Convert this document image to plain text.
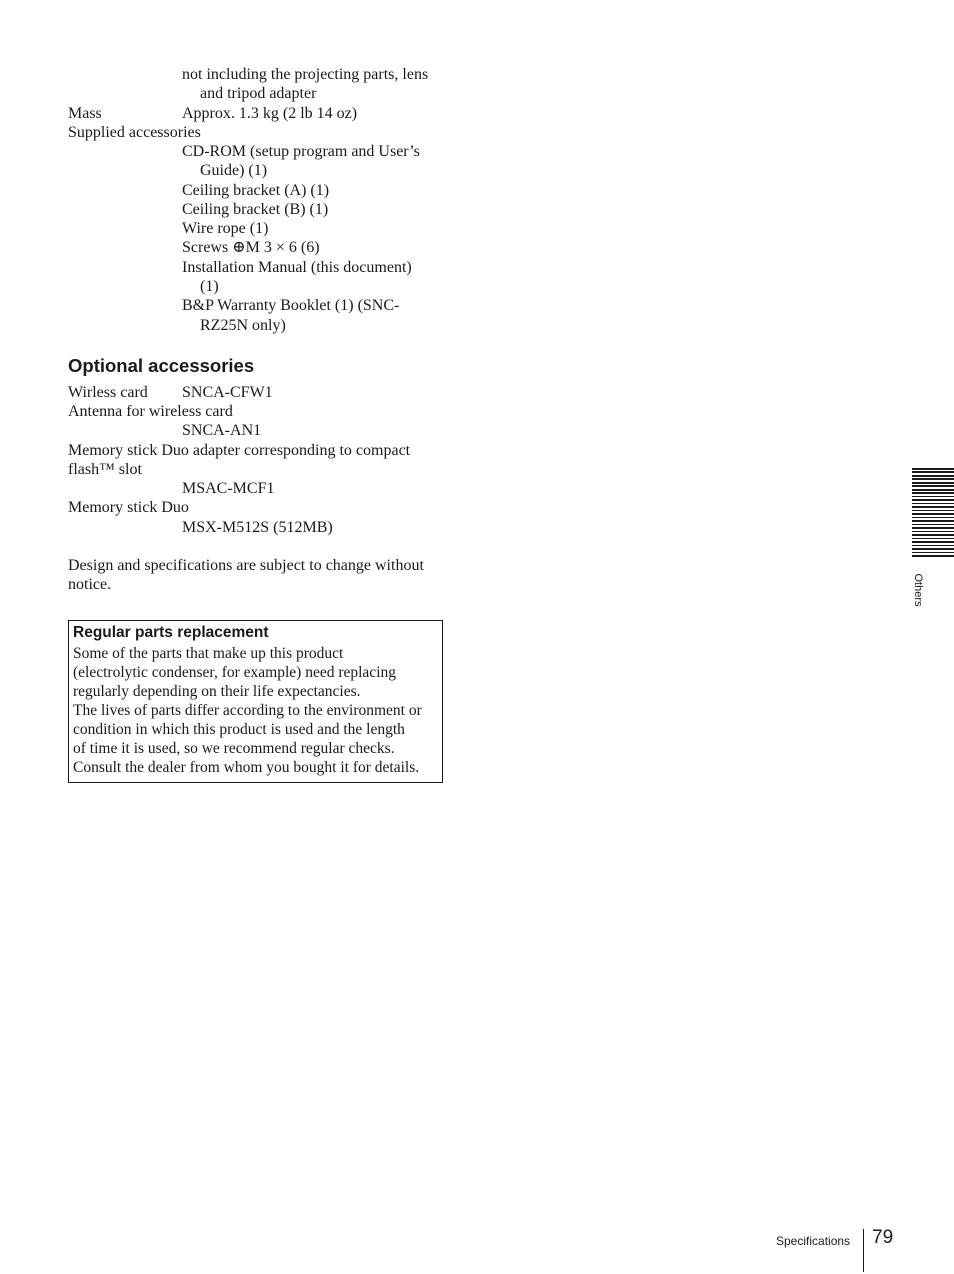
not including the projecting parts, lens
and tripod adapter
Mass	Approx. 1.3 kg (2 lb 14 oz)
Supplied accessories
CD-ROM (setup program and User’s
Guide) (1)
Ceiling bracket (A) (1)
Ceiling bracket (B) (1)
Wire rope (1)
Screws ⊕M 3 × 6 (6)
Installation Manual (this document)
(1)
B&P Warranty Booklet (1) (SNC-
RZ25N only)
Optional accessories
Wirless card SNCA-CFW1
Antenna for wireless card
SNCA-AN1
Memory stick Duo adapter corresponding to compact
flash™ slot
MSAC-MCF1
Memory stick Duo
MSX-M512S (512MB)
Design and specifications are subject to change without
notice.
Regular parts replacement
Some of the parts that make up this product
(electrolytic condenser, for example) need replacing
regularly depending on their life expectancies.
The lives of parts differ according to the environment or
condition in which this product is used and the length
of time it is used, so we recommend regular checks.
Consult the dealer from whom you bought it for details.
Others
Specifications 79
